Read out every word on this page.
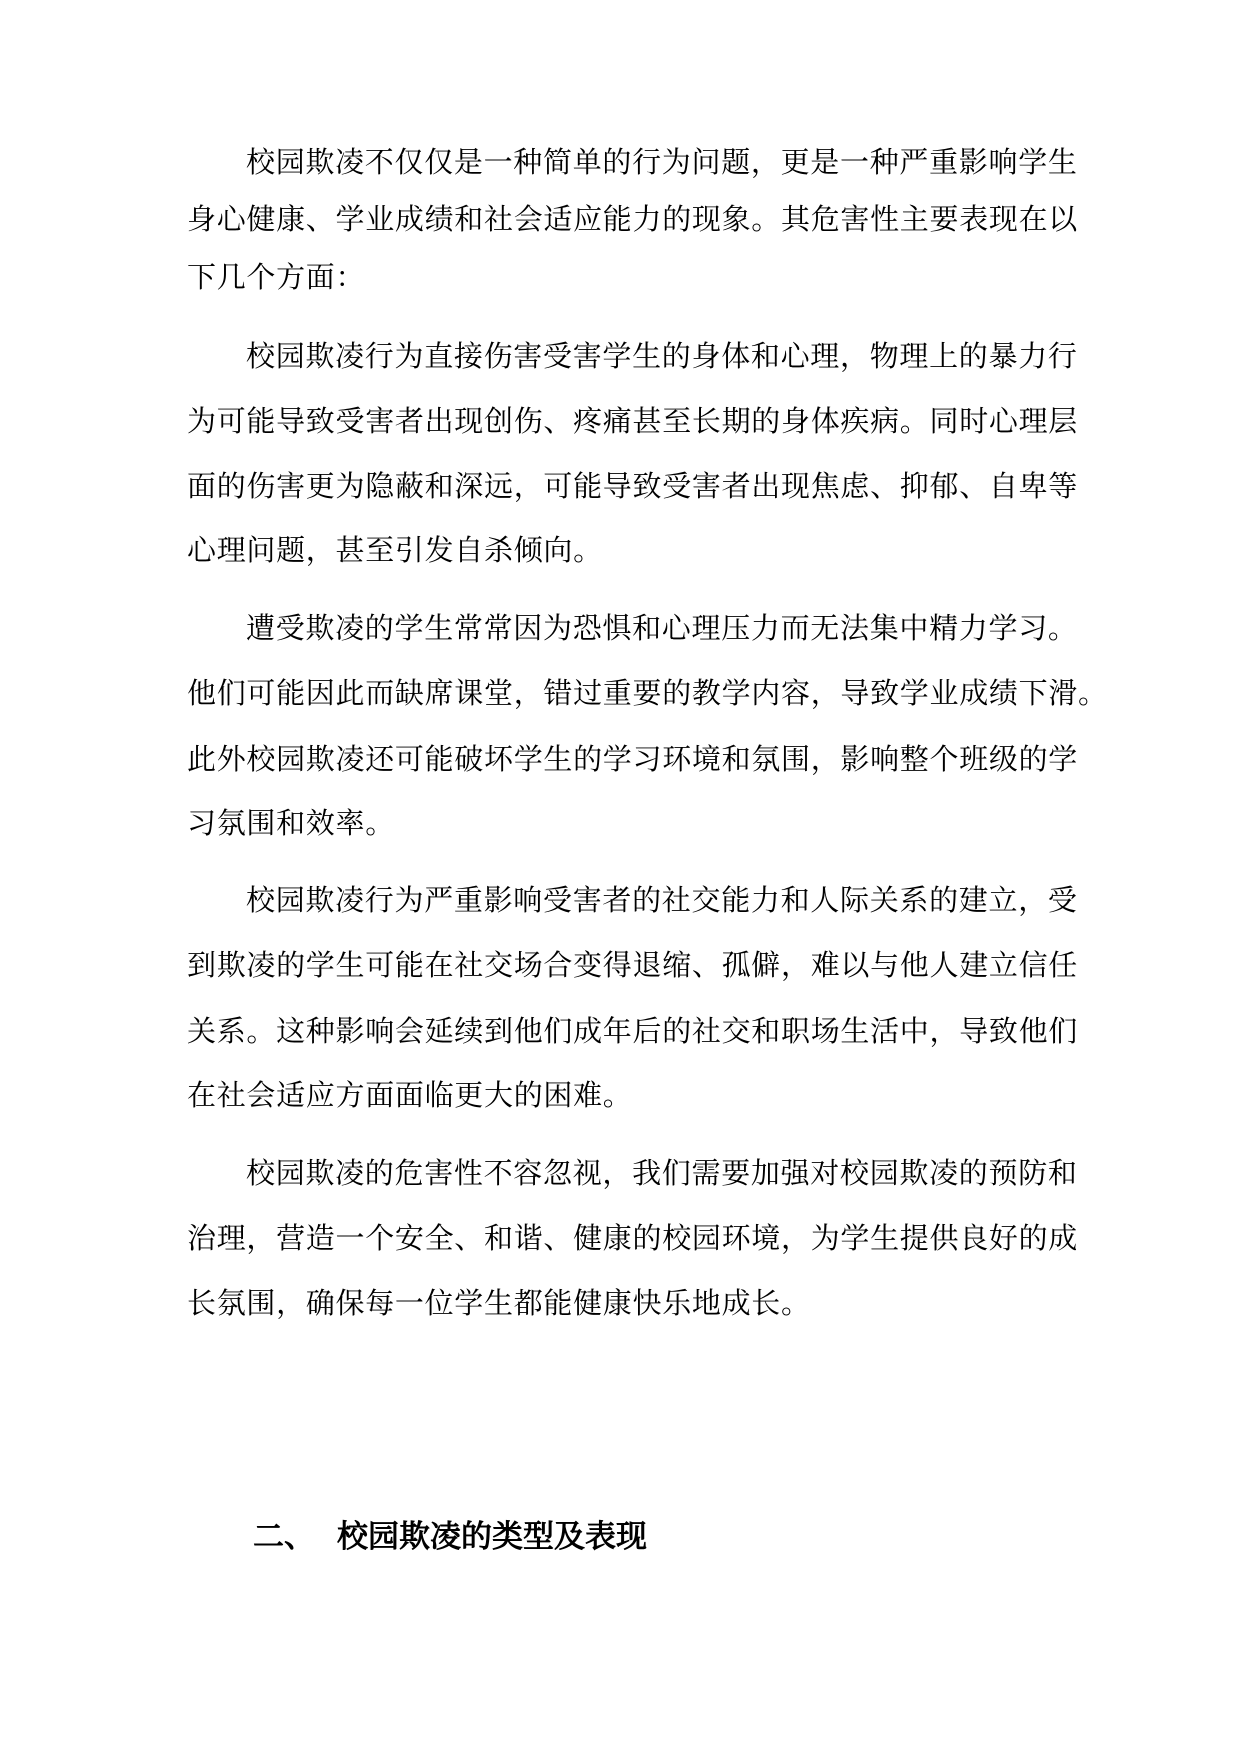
校园欺凌不仅仅是一种简单的行为问题，更是一种严重影响学生

身心健康、学业成绩和社会适应能力的现象。其危害性主要表现在以

下几个方面：

校园欺凌行为直接伤害受害学生的身体和心理，物理上的暴力行

为可能导致受害者出现创伤、疼痛甚至长期的身体疾病。同时心理层

面的伤害更为隐蔽和深远，可能导致受害者出现焦虑、抑郁、自卑等

心理问题，甚至引发自杀倾向。

遭受欺凌的学生常常因为恐惧和心理压力而无法集中精力学习。

他们可能因此而缺席课堂，错过重要的教学内容，导致学业成绩下滑。

此外校园欺凌还可能破坏学生的学习环境和氛围，影响整个班级的学

习氛围和效率。

校园欺凌行为严重影响受害者的社交能力和人际关系的建立，受

到欺凌的学生可能在社交场合变得退缩、孤僻，难以与他人建立信任

关系。这种影响会延续到他们成年后的社交和职场生活中，导致他们

在社会适应方面面临更大的困难。

校园欺凌的危害性不容忽视，我们需要加强对校园欺凌的预防和

治理，营造一个安全、和谐、健康的校园环境，为学生提供良好的成

长氛围，确保每一位学生都能健康快乐地成长。

二、 校园欺凌的类型及表现
